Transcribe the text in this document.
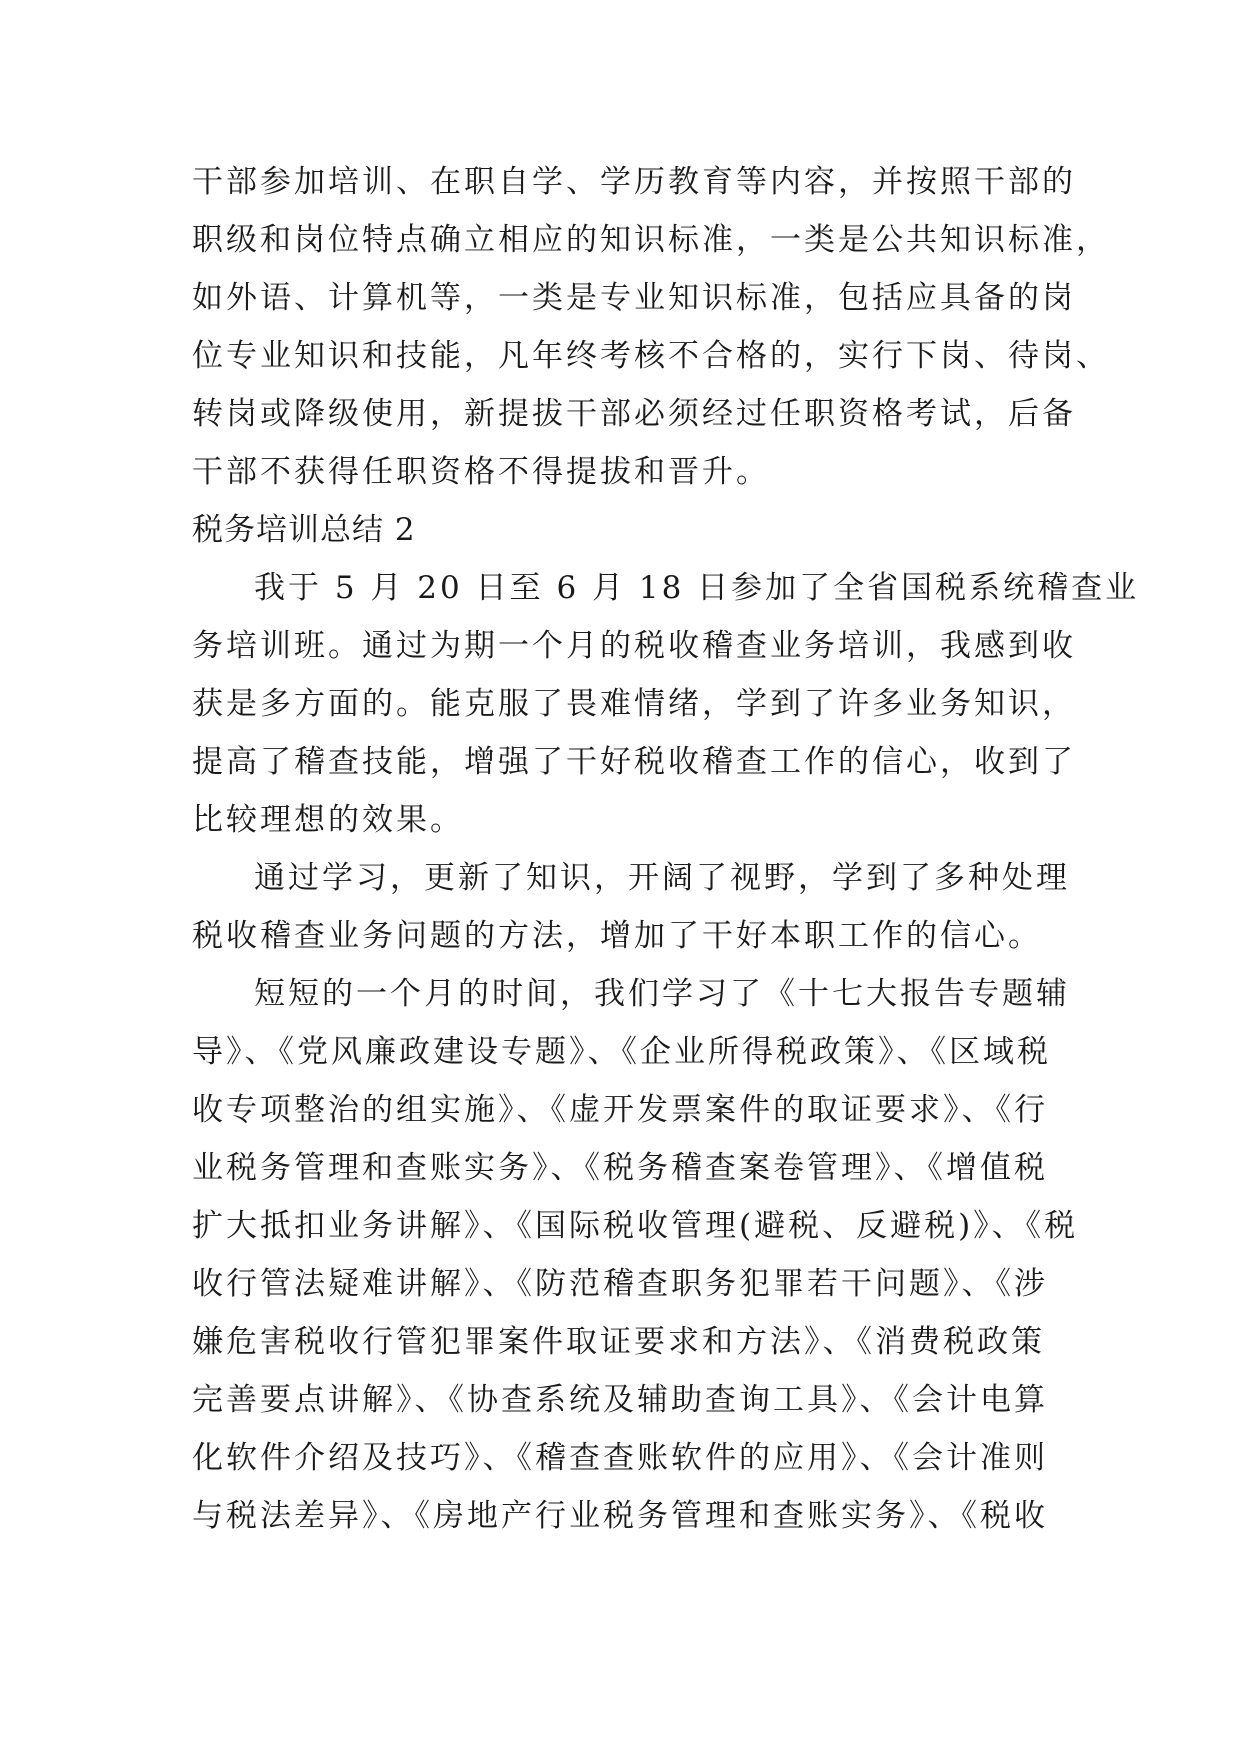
干部参加培训、在职自学、学历教育等内容，并按照干部的
职级和岗位特点确立相应的知识标准，一类是公共知识标准，
如外语、计算机等，一类是专业知识标准，包括应具备的岗
位专业知识和技能，凡年终考核不合格的，实行下岗、待岗、
转岗或降级使用，新提拔干部必须经过任职资格考试，后备
干部不获得任职资格不得提拔和晋升。
税务培训总结 2
我于 5 月 20 日至 6 月 18 日参加了全省国税系统稽查业
务培训班。通过为期一个月的税收稽查业务培训，我感到收
获是多方面的。能克服了畏难情绪，学到了许多业务知识，
提高了稽查技能，增强了干好税收稽查工作的信心，收到了
比较理想的效果。
通过学习，更新了知识，开阔了视野，学到了多种处理
税收稽查业务问题的方法，增加了干好本职工作的信心。
短短的一个月的时间，我们学习了《十七大报告专题辅
导》、《党风廉政建设专题》、《企业所得税政策》、《区域税
收专项整治的组实施》、《虚开发票案件的取证要求》、《行
业税务管理和查账实务》、《税务稽查案卷管理》、《增值税
扩大抵扣业务讲解》、《国际税收管理(避税、反避税)》、《税
收行管法疑难讲解》、《防范稽查职务犯罪若干问题》、《涉
嫌危害税收行管犯罪案件取证要求和方法》、《消费税政策
完善要点讲解》、《协查系统及辅助查询工具》、《会计电算
化软件介绍及技巧》、《稽查查账软件的应用》、《会计准则
与税法差异》、《房地产行业税务管理和查账实务》、《税收
